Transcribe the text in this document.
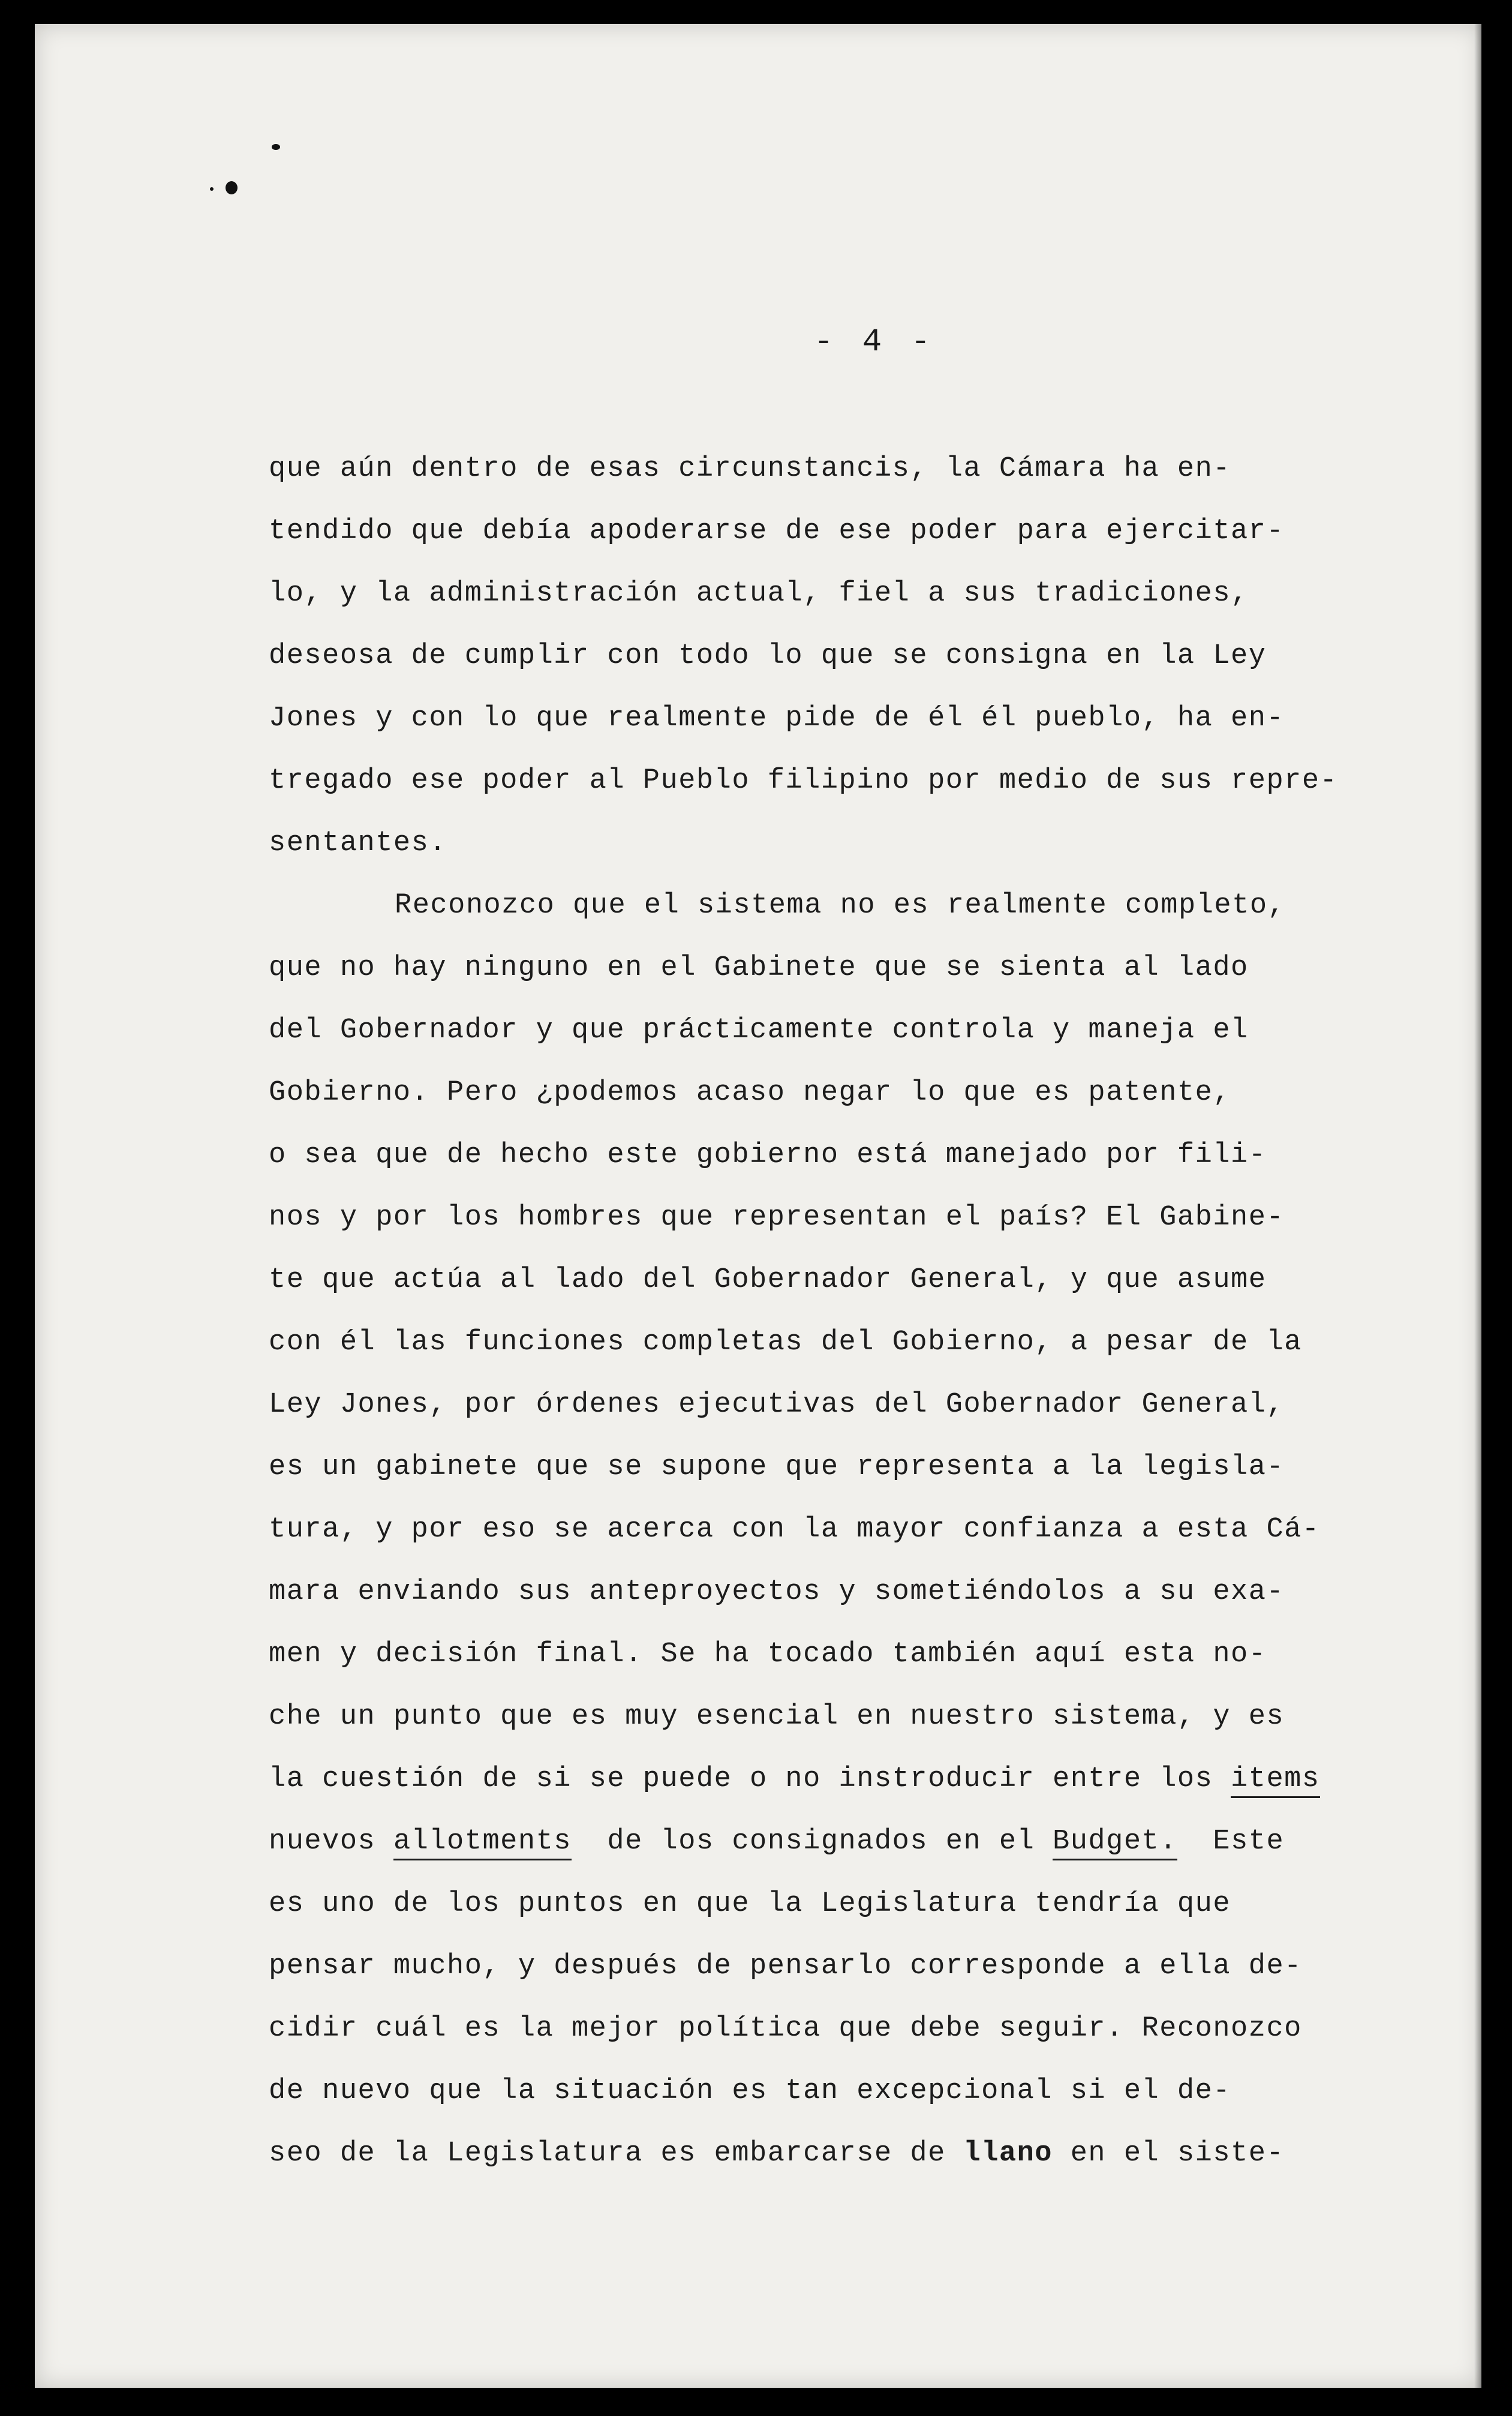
- 4 -
que aún dentro de esas circunstancis, la Cámara ha en-
tendido que debía apoderarse de ese poder para ejercitar-
lo, y la administración actual, fiel a sus tradiciones,
deseosa de cumplir con todo lo que se consigna en la Ley
Jones y con lo que realmente pide de él él pueblo, ha en-
tregado ese poder al Pueblo filipino por medio de sus repre-
sentantes.
Reconozco que el sistema no es realmente completo,
que no hay ninguno en el Gabinete que se sienta al lado
del Gobernador y que prácticamente controla y maneja el
Gobierno. Pero ¿podemos acaso negar lo que es patente,
o sea que de hecho este gobierno está manejado por fili-
nos y por los hombres que representan el país? El Gabine-
te que actúa al lado del Gobernador General, y que asume
con él las funciones completas del Gobierno, a pesar de la
Ley Jones, por órdenes ejecutivas del Gobernador General,
es un gabinete que se supone que representa a la legisla-
tura, y por eso se acerca con la mayor confianza a esta Cá-
mara enviando sus anteproyectos y sometiéndolos a su exa-
men y decisión final. Se ha tocado también aquí esta no-
che un punto que es muy esencial en nuestro sistema, y es
la cuestión de si se puede o no instroducir entre los items
nuevos allotments  de los consignados en el Budget.  Este
es uno de los puntos en que la Legislatura tendría que
pensar mucho, y después de pensarlo corresponde a ella de-
cidir cuál es la mejor política que debe seguir. Reconozco
de nuevo que la situación es tan excepcional si el de-
seo de la Legislatura es embarcarse de llano en el siste-
